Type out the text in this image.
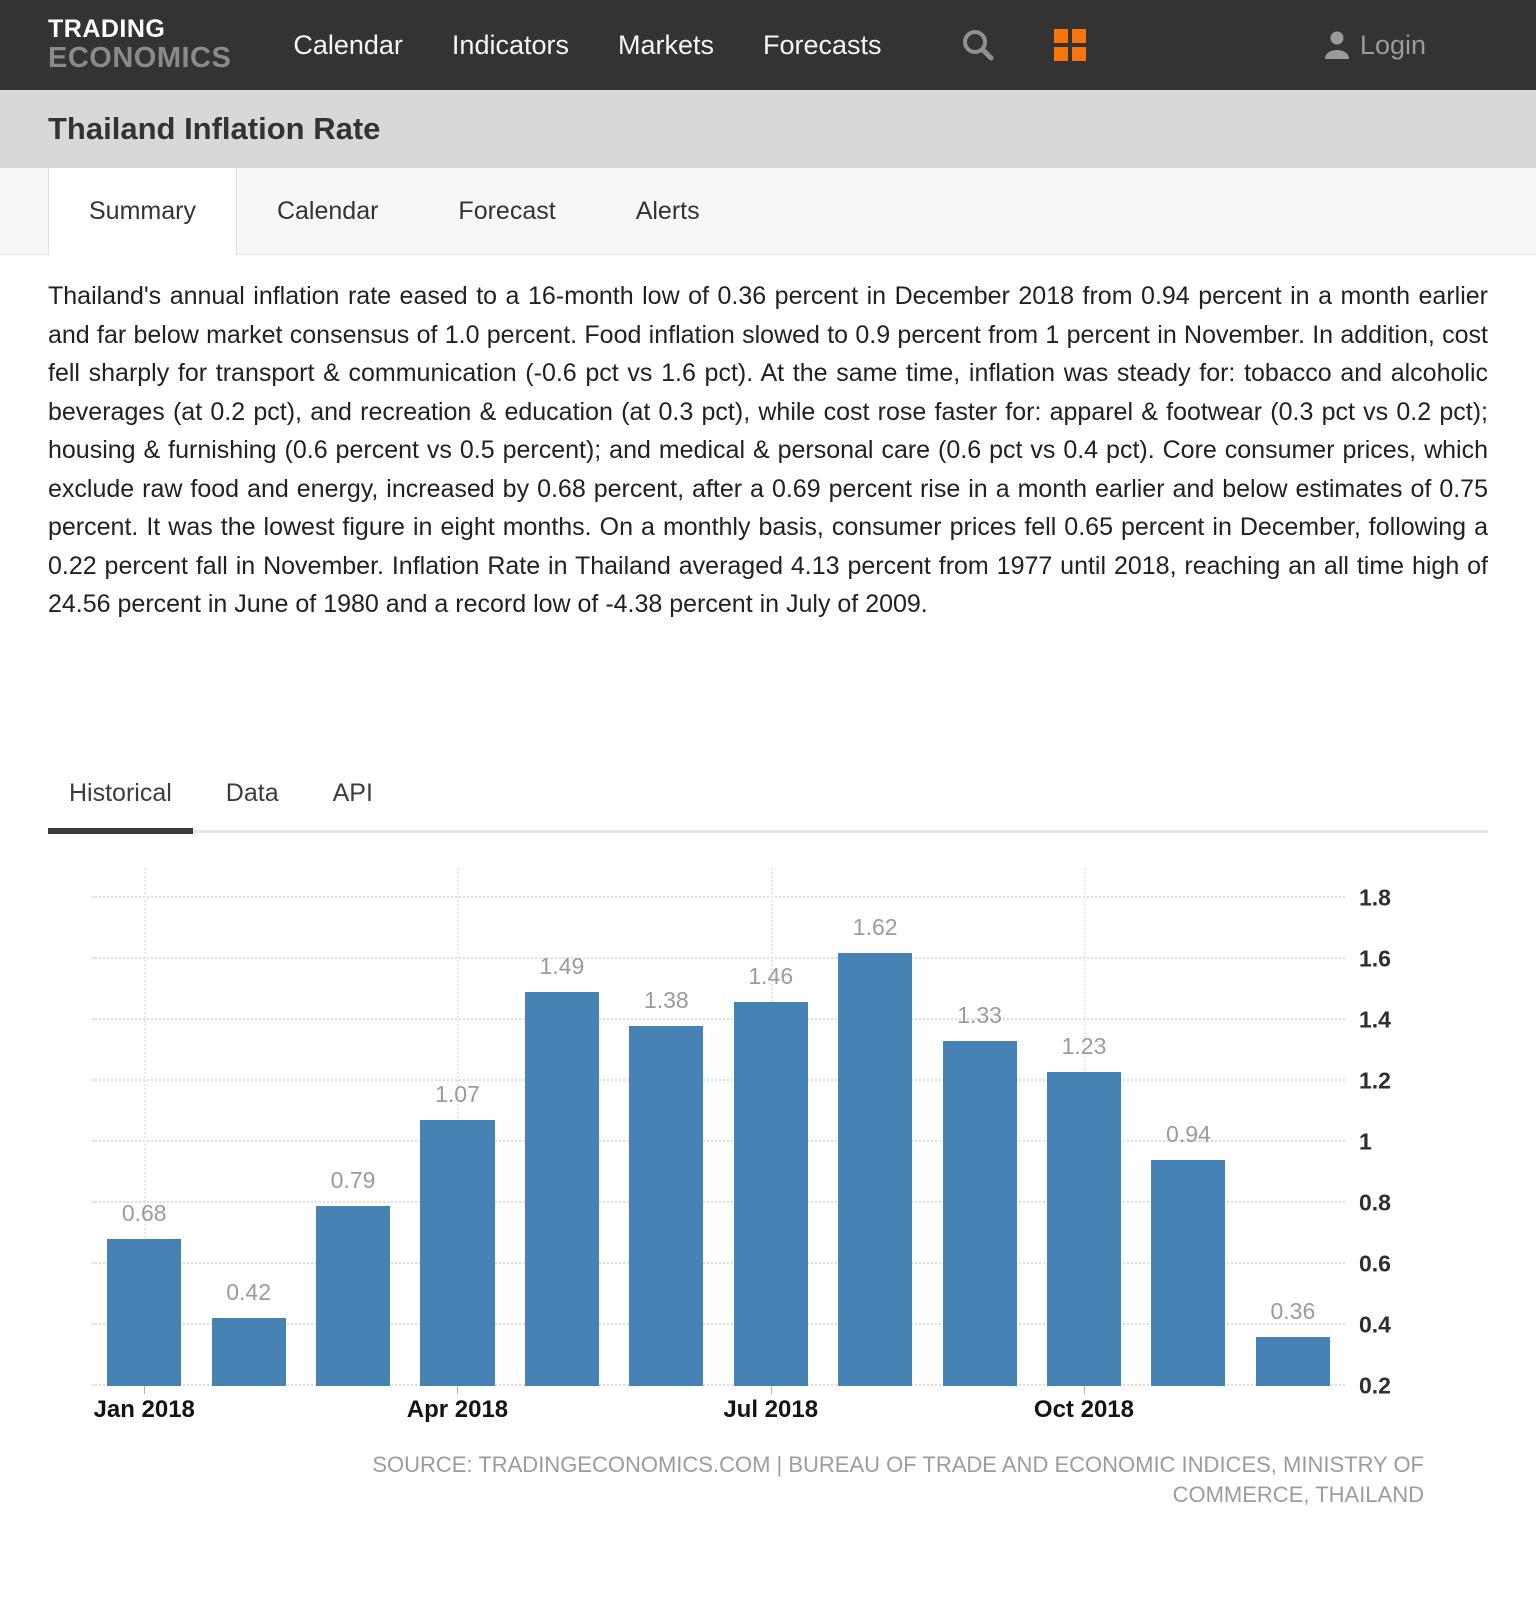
TRADING
ECONOMICS Calendar Indicators Markets Forecasts	Login
Thailand Inflation Rate
Summary	Calendar	Forecast	Alerts

Thailand's annual inflation rate eased to a 16-month low of 0.36 percent in December 2018 from 0.94 percent in a month earlier and far below market consensus of 1.0 percent. Food inflation slowed to 0.9 percent from 1 percent in November. In addition, cost fell sharply for transport & communication (-0.6 pct vs 1.6 pct). At the same time, inflation was steady for: tobacco and alcoholic beverages (at 0.2 pct), and recreation & education (at 0.3 pct), while cost rose faster for: apparel & footwear (0.3 pct vs 0.2 pct); housing & furnishing (0.6 percent vs 0.5 percent); and medical & personal care (0.6 pct vs 0.4 pct). Core consumer prices, which exclude raw food and energy, increased by 0.68 percent, after a 0.69 percent rise in a month earlier and below estimates of 0.75 percent. It was the lowest figure in eight months. On a monthly basis, consumer prices fell 0.65 percent in December, following a 0.22 percent fall in November. Inflation Rate in Thailand averaged 4.13 percent from 1977 until 2018, reaching an all time high of 24.56 percent in June of 1980 and a record low of -4.38 percent in July of 2009.

Historical	Data	API
0.68
0.42
0.79
1.07
1.49
1.38
1.46
1.62
1.33
1.23
0.94
0.36
Jan 2018	Apr 2018	Jul 2018	Oct 2018
0.2
0.4
0.6
0.8
1
1.2
1.4
1.6
1.8
SOURCE: TRADINGECONOMICS.COM | BUREAU OF TRADE AND ECONOMIC INDICES, MINISTRY OF COMMERCE, THAILAND
